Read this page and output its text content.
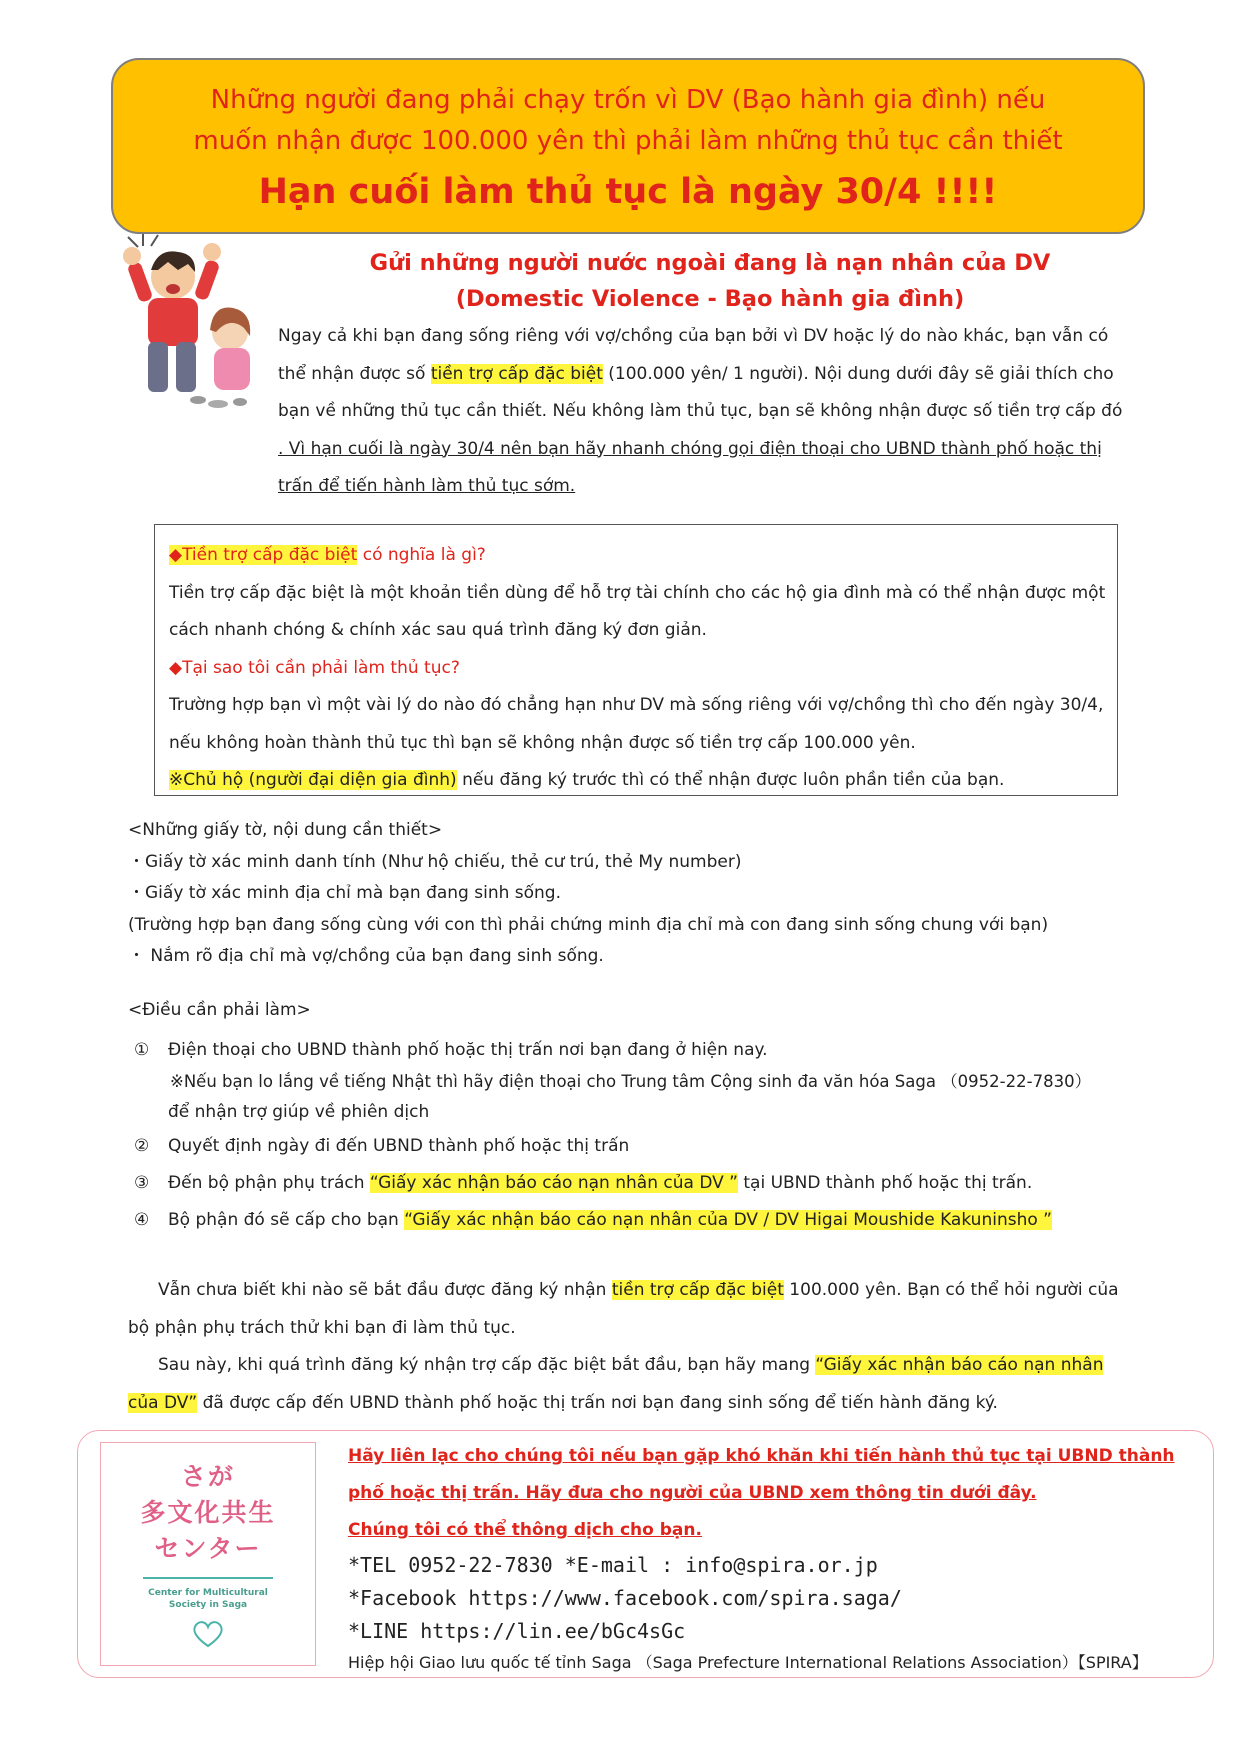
Những người đang phải chạy trốn vì DV (Bạo hành gia đình) nếu
muốn nhận được 100.000 yên thì phải làm những thủ tục cần thiết
Hạn cuối làm thủ tục là ngày 30/4 !!!!
Gửi những người nước ngoài đang là nạn nhân của DV
(Domestic Violence - Bạo hành gia đình)
Ngay cả khi bạn đang sống riêng với vợ/chồng của bạn bởi vì DV hoặc lý do nào khác, bạn vẫn có thể nhận được số tiền trợ cấp đặc biệt (100.000 yên/ 1 người). Nội dung dưới đây sẽ giải thích cho bạn về những thủ tục cần thiết. Nếu không làm thủ tục, bạn sẽ không nhận được số tiền trợ cấp đó . Vì hạn cuối là ngày 30/4 nên bạn hãy nhanh chóng gọi điện thoại cho UBND thành phố hoặc thị trấn để tiến hành làm thủ tục sớm.
◆Tiền trợ cấp đặc biệt có nghĩa là gì?
Tiền trợ cấp đặc biệt là một khoản tiền dùng để hỗ trợ tài chính cho các hộ gia đình mà có thể nhận được một cách nhanh chóng & chính xác sau quá trình đăng ký đơn giản.
◆Tại sao tôi cần phải làm thủ tục?
Trường hợp bạn vì một vài lý do nào đó chẳng hạn như DV mà sống riêng với vợ/chồng thì cho đến ngày 30/4, nếu không hoàn thành thủ tục thì bạn sẽ không nhận được số tiền trợ cấp 100.000 yên.
※Chủ hộ (người đại diện gia đình) nếu đăng ký trước thì có thể nhận được luôn phần tiền của bạn.
<Những giấy tờ, nội dung cần thiết>
・Giấy tờ xác minh danh tính (Như hộ chiếu, thẻ cư trú, thẻ My number)
・Giấy tờ xác minh địa chỉ mà bạn đang sinh sống.
(Trường hợp bạn đang sống cùng với con thì phải chứng minh địa chỉ mà con đang sinh sống chung với bạn)
・ Nắm rõ địa chỉ mà vợ/chồng của bạn đang sinh sống.
<Điều cần phải làm>
① Điện thoại cho UBND thành phố hoặc thị trấn nơi bạn đang ở hiện nay.
※Nếu bạn lo lắng về tiếng Nhật thì hãy điện thoại cho Trung tâm Cộng sinh đa văn hóa Saga （0952-22-7830）
để nhận trợ giúp về phiên dịch
② Quyết định ngày đi đến UBND thành phố hoặc thị trấn
③ Đến bộ phận phụ trách “Giấy xác nhận báo cáo nạn nhân của DV ” tại UBND thành phố hoặc thị trấn.
④ Bộ phận đó sẽ cấp cho bạn “Giấy xác nhận báo cáo nạn nhân của DV / DV Higai Moushide Kakuninsho ”
Vẫn chưa biết khi nào sẽ bắt đầu được đăng ký nhận tiền trợ cấp đặc biệt 100.000 yên. Bạn có thể hỏi người của bộ phận phụ trách thử khi bạn đi làm thủ tục.
Sau này, khi quá trình đăng ký nhận trợ cấp đặc biệt bắt đầu, bạn hãy mang “Giấy xác nhận báo cáo nạn nhân của DV” đã được cấp đến UBND thành phố hoặc thị trấn nơi bạn đang sinh sống để tiến hành đăng ký.
さが
多文化共生
センター
Center for Multicultural Society in Saga
Hãy liên lạc cho chúng tôi nếu bạn gặp khó khăn khi tiến hành thủ tục tại UBND thành phố hoặc thị trấn. Hãy đưa cho người của UBND xem thông tin dưới đây.
Chúng tôi có thể thông dịch cho bạn.
*TEL 0952-22-7830 *E-mail : info@spira.or.jp
*Facebook https://www.facebook.com/spira.saga/
*LINE https://lin.ee/bGc4sGc
Hiệp hội Giao lưu quốc tế tỉnh Saga （Saga Prefecture International Relations Association）【SPIRA】
